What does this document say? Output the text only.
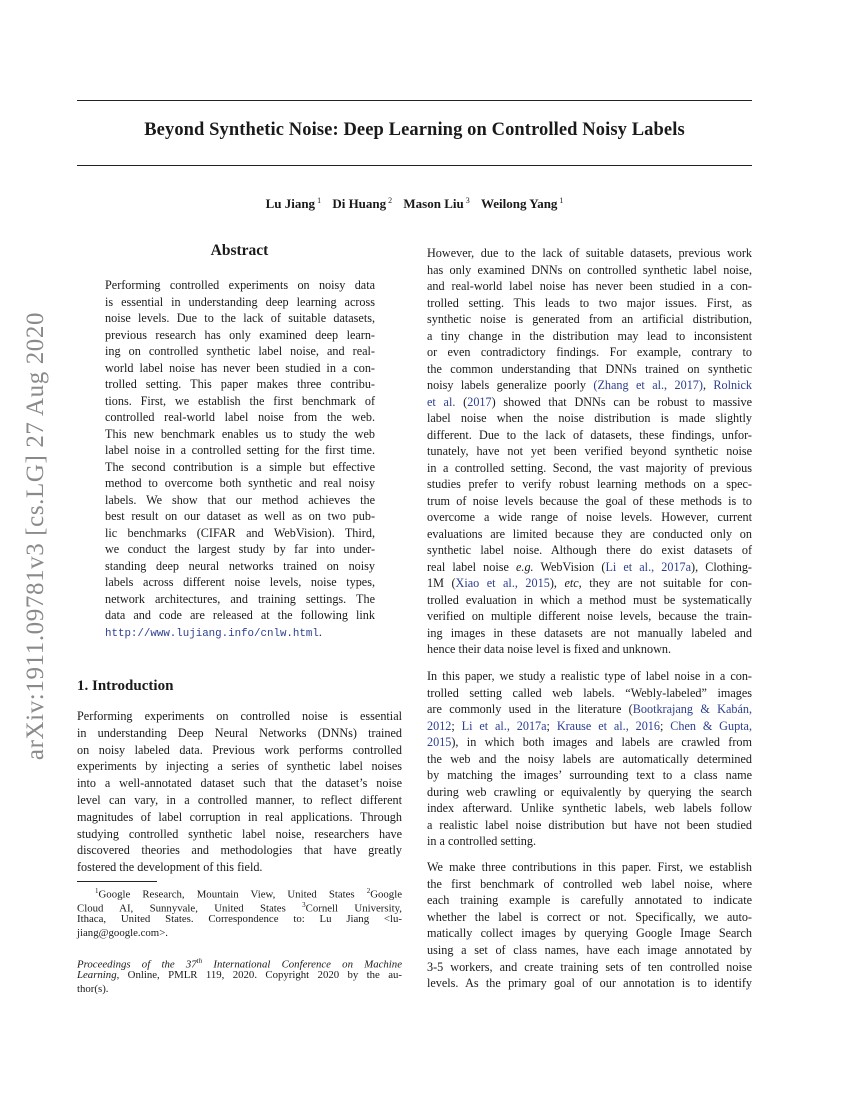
Beyond Synthetic Noise: Deep Learning on Controlled Noisy Labels
Lu Jiang $^1$ Di Huang $^2$ Mason Liu $^3$ Weilong Yang $^1$
arXiv:1911.09781v3 [cs.LG] 27 Aug 2020
Abstract
Performing controlled experiments on noisy data
is essential in understanding deep learning across
noise levels. Due to the lack of suitable datasets,
previous research has only examined deep learn-
ing on controlled synthetic label noise, and real-
world label noise has never been studied in a con-
trolled setting. This paper makes three contribu-
tions. First, we establish the first benchmark of
controlled real-world label noise from the web.
This new benchmark enables us to study the web
label noise in a controlled setting for the first time.
The second contribution is a simple but effective
method to overcome both synthetic and real noisy
labels. We show that our method achieves the
best result on our dataset as well as on two pub-
lic benchmarks (CIFAR and WebVision). Third,
we conduct the largest study by far into under-
standing deep neural networks trained on noisy
labels across different noise levels, noise types,
network architectures, and training settings. The
data and code are released at the following link
http://www.lujiang.info/cnlw.html.
1. Introduction
Performing experiments on controlled noise is essential
in understanding Deep Neural Networks (DNNs) trained
on noisy labeled data. Previous work performs controlled
experiments by injecting a series of synthetic label noises
into a well-annotated dataset such that the dataset’s noise
level can vary, in a controlled manner, to reflect different
magnitudes of label corruption in real applications. Through
studying controlled synthetic label noise, researchers have
discovered theories and methodologies that have greatly
fostered the development of this field.
$^1$Google Research, Mountain View, United States $^2$Google
Cloud AI, Sunnyvale, United States $^3$Cornell University,
Ithaca, United States. Correspondence to: Lu Jiang <lu-
jiang@google.com>.
Proceedings of the 37th International Conference on Machine
Learning, Online, PMLR 119, 2020. Copyright 2020 by the au-
thor(s).
However, due to the lack of suitable datasets, previous work
has only examined DNNs on controlled synthetic label noise,
and real-world label noise has never been studied in a con-
trolled setting. This leads to two major issues. First, as
synthetic noise is generated from an artificial distribution,
a tiny change in the distribution may lead to inconsistent
or even contradictory findings. For example, contrary to
the common understanding that DNNs trained on synthetic
noisy labels generalize poorly (Zhang et al., 2017), Rolnick
et al. (2017) showed that DNNs can be robust to massive
label noise when the noise distribution is made slightly
different. Due to the lack of datasets, these findings, unfor-
tunately, have not yet been verified beyond synthetic noise
in a controlled setting. Second, the vast majority of previous
studies prefer to verify robust learning methods on a spec-
trum of noise levels because the goal of these methods is to
overcome a wide range of noise levels. However, current
evaluations are limited because they are conducted only on
synthetic label noise. Although there do exist datasets of
real label noise e.g. WebVision (Li et al., 2017a), Clothing-
1M (Xiao et al., 2015), etc, they are not suitable for con-
trolled evaluation in which a method must be systematically
verified on multiple different noise levels, because the train-
ing images in these datasets are not manually labeled and
hence their data noise level is fixed and unknown.
In this paper, we study a realistic type of label noise in a con-
trolled setting called web labels. “Webly-labeled” images
are commonly used in the literature (Bootkrajang & Kabán,
2012; Li et al., 2017a; Krause et al., 2016; Chen & Gupta,
2015), in which both images and labels are crawled from
the web and the noisy labels are automatically determined
by matching the images’ surrounding text to a class name
during web crawling or equivalently by querying the search
index afterward. Unlike synthetic labels, web labels follow
a realistic label noise distribution but have not been studied
in a controlled setting.
We make three contributions in this paper. First, we establish
the first benchmark of controlled web label noise, where
each training example is carefully annotated to indicate
whether the label is correct or not. Specifically, we auto-
matically collect images by querying Google Image Search
using a set of class names, have each image annotated by
3-5 workers, and create training sets of ten controlled noise
levels. As the primary goal of our annotation is to identify
